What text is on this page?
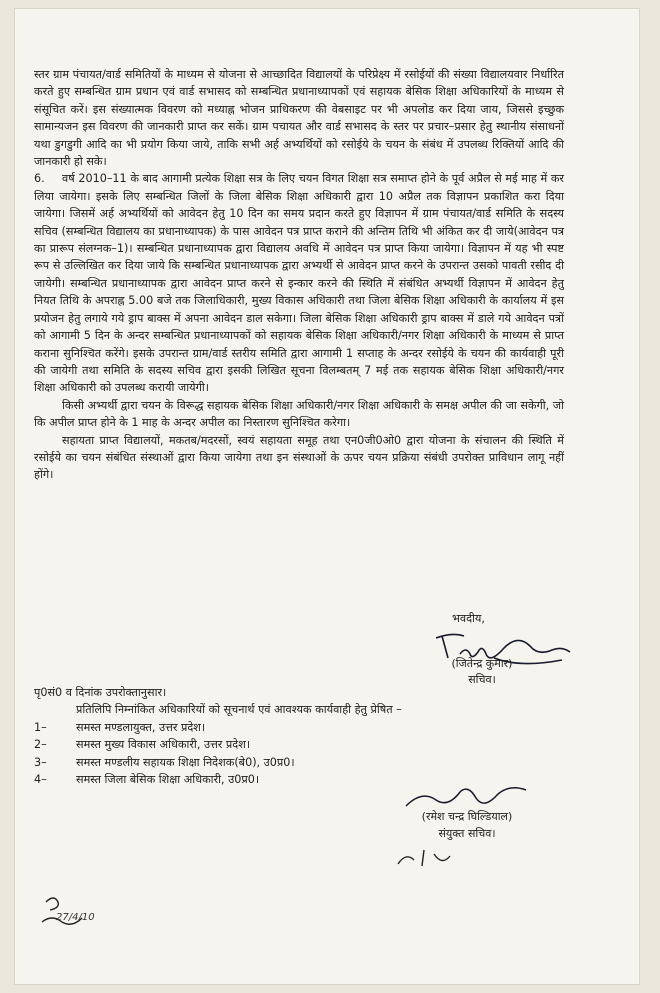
स्तर ग्राम पंचायत/वार्ड समितियों के माध्यम से योजना से आच्छादित विद्यालयों के परिप्रेक्ष्य में रसोईयों की संख्या विद्यालयवार निर्धारित करते हुए सम्बन्धित ग्राम प्रधान एवं वार्ड सभासद को सम्बन्धित प्रधानाध्यापकों एवं सहायक बेसिक शिक्षा अधिकारियों के माध्यम से संसूचित करें। इस संख्यात्मक विवरण को मध्याह्न भोजन प्राधिकरण की वेबसाइट पर भी अपलोड कर दिया जाय, जिससे इच्छुक सामान्यजन इस विवरण की जानकारी प्राप्त कर सकें। ग्राम पचायत और वार्ड सभासद के स्तर पर प्रचार–प्रसार हेतु स्थानीय संसाधनों यथा डुगडुगी आदि का भी प्रयोग किया जाये, ताकि सभी अर्ह अभ्यर्थियों को रसोईये के चयन के संबंध में उपलब्ध रिक्तियों आदि की जानकारी हो सके।

6. वर्ष 2010–11 के बाद आगामी प्रत्येक शिक्षा सत्र के लिए चयन विगत शिक्षा सत्र समाप्त होने के पूर्व अप्रैल से मई माह में कर लिया जायेगा। इसके लिए सम्बन्धित जिलों के जिला बेसिक शिक्षा अधिकारी द्वारा 10 अप्रैल तक विज्ञापन प्रकाशित करा दिया जायेगा। जिसमें अर्ह अभ्यर्थियों को आवेदन हेतु 10 दिन का समय प्रदान करते हुए विज्ञापन में ग्राम पंचायत/वार्ड समिति के सदस्य सचिव (सम्बन्धित विद्यालय का प्रधानाध्यापक) के पास आवेदन पत्र प्राप्त कराने की अन्तिम तिथि भी अंकित कर दी जाये(आवेदन पत्र का प्रारूप संलग्नक–1)। सम्बन्धित प्रधानाध्यापक द्वारा विद्यालय अवधि में आवेदन पत्र प्राप्त किया जायेगा। विज्ञापन में यह भी स्पष्ट रूप से उल्लिखित कर दिया जाये कि सम्बन्धित प्रधानाध्यापक द्वारा अभ्यर्थी से आवेदन प्राप्त करने के उपरान्त उसको पावती रसीद दी जायेगी। सम्बन्धित प्रधानाध्यापक द्वारा आवेदन प्राप्त करने से इन्कार करने की स्थिति में संबंधित अभ्यर्थी विज्ञापन में आवेदन हेतु नियत तिथि के अपराह्न 5.00 बजे तक जिलाधिकारी, मुख्य विकास अधिकारी तथा जिला बेसिक शिक्षा अधिकारी के कार्यालय में इस प्रयोजन हेतु लगाये गये ड्राप बाक्स में अपना आवेदन डाल सकेगा। जिला बेसिक शिक्षा अधिकारी ड्राप बाक्स में डाले गये आवेदन पत्रों को आगामी 5 दिन के अन्दर सम्बन्धित प्रधानाध्यापकों को सहायक बेसिक शिक्षा अधिकारी/नगर शिक्षा अधिकारी के माध्यम से प्राप्त कराना सुनिश्चित करेंगे। इसके उपरान्त ग्राम/वार्ड स्तरीय समिति द्वारा आगामी 1 सप्ताह के अन्दर रसोईये के चयन की कार्यवाही पूरी की जायेगी तथा समिति के सदस्य सचिव द्वारा इसकी लिखित सूचना विलम्बतम् 7 मई तक सहायक बेसिक शिक्षा अधिकारी/नगर शिक्षा अधिकारी को उपलब्ध करायी जायेगी।

किसी अभ्यर्थी द्वारा चयन के विरूद्ध सहायक बेसिक शिक्षा अधिकारी/नगर शिक्षा अधिकारी के समक्ष अपील की जा सकेगी, जो कि अपील प्राप्त होने के 1 माह के अन्दर अपील का निस्तारण सुनिश्चित करेगा।

सहायता प्राप्त विद्यालयों, मकतब/मदरसों, स्वयं सहायता समूह तथा एन0जी0ओ0 द्वारा योजना के संचालन की स्थिति में रसोईये का चयन संबंधित संस्थाओं द्वारा किया जायेगा तथा इन संस्थाओं के ऊपर चयन प्रक्रिया संबंधी उपरोक्त प्राविधान लागू नहीं होंगे।

भवदीय,
(जितेन्द्र कुमार)
सचिव।

पृ0सं0 व दिनांक उपरोक्तानुसार।

प्रतिलिपि निम्नांकित अधिकारियों को सूचनार्थ एवं आवश्यक कार्यवाही हेतु प्रेषित –

1–	समस्त मण्डलायुक्त, उत्तर प्रदेश।
2–	समस्त मुख्य विकास अधिकारी, उत्तर प्रदेश।
3–	समस्त मण्डलीय सहायक शिक्षा निदेशक(बे0), उ0प्र0।
4–	समस्त जिला बेसिक शिक्षा अधिकारी, उ0प्र0।
(रमेश चन्द्र घिल्डियाल)
संयुक्त सचिव।
27/4/10
